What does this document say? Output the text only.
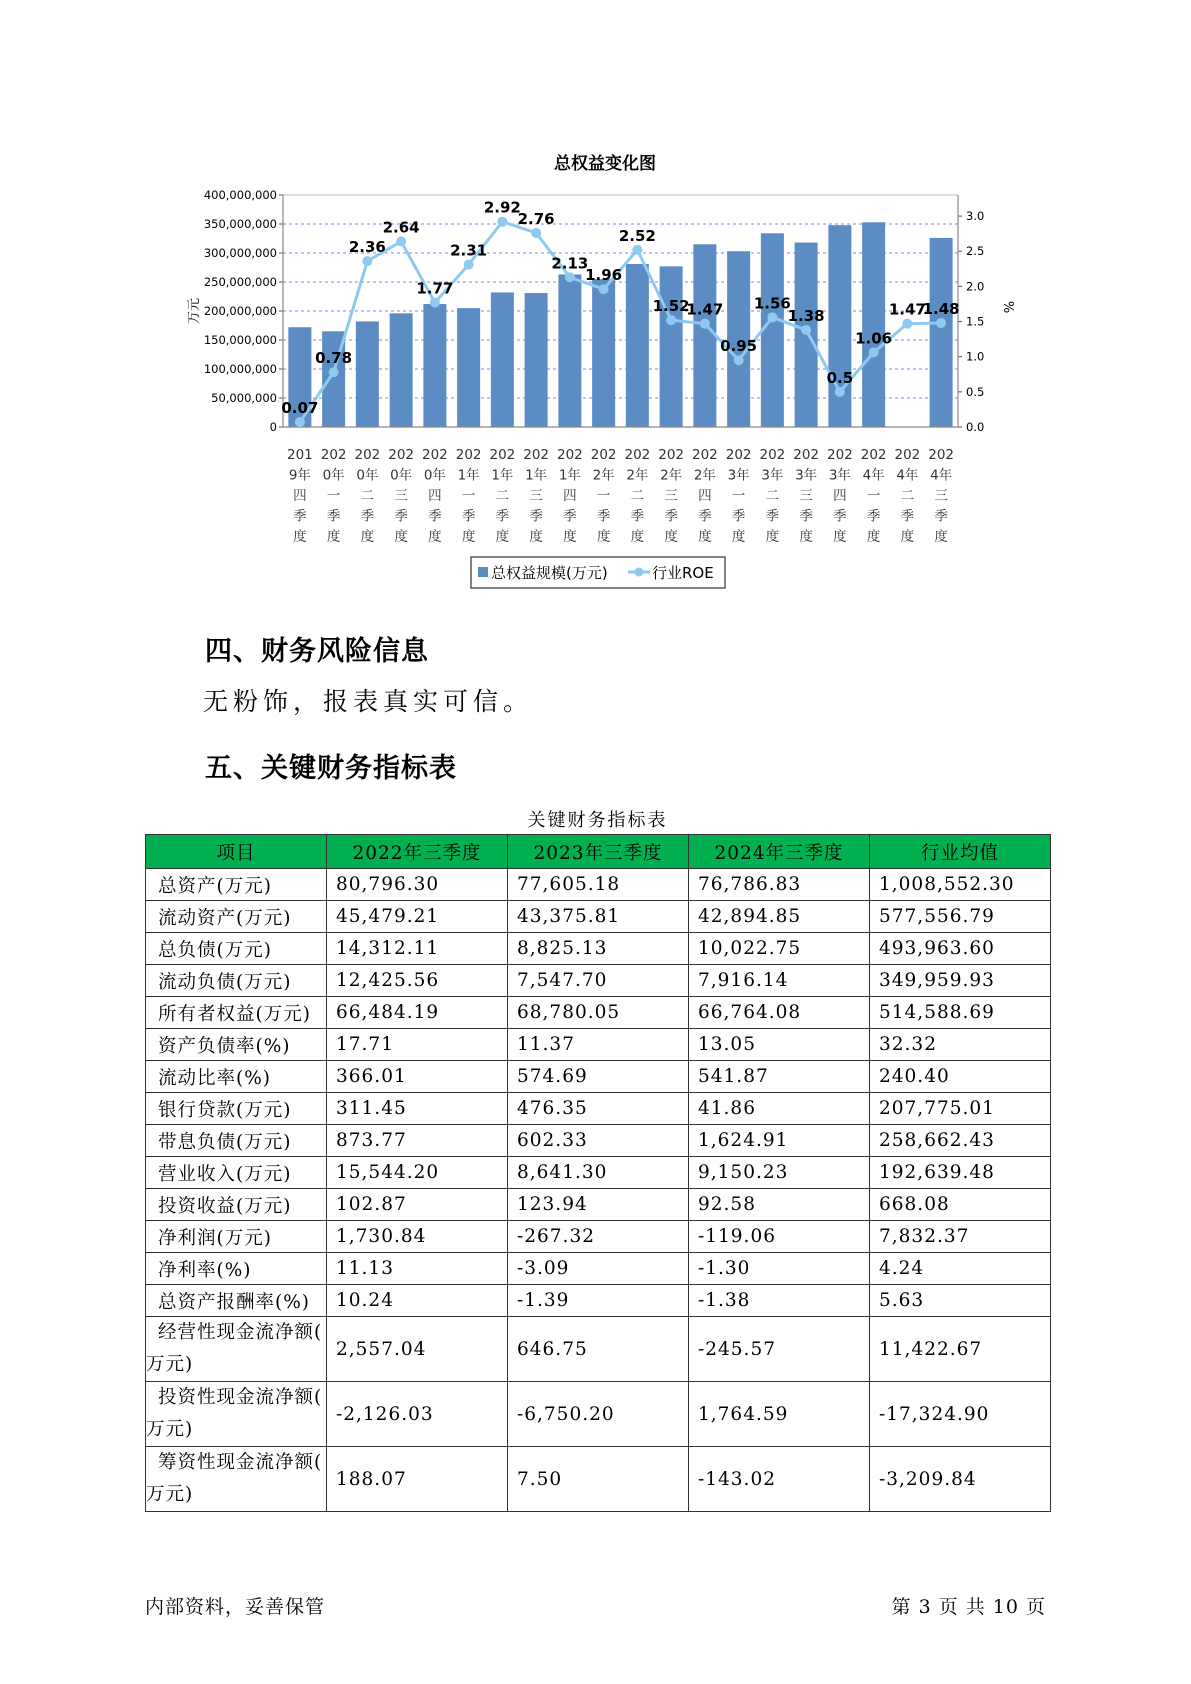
总权益变化图
400,000,000
350,000,000
300,000,000
250,000,000
200,000,000
150,000,000
100,000,000
50,000,000
0
3.0
2.5
2.0
1.5
1.0
0.5
0.0
万元	%
0.07
0.78
2.36
2.64
1.77
2.31
2.92
2.76
2.13
1.96
2.52
1.52
1.47
0.95
1.56
1.38
0.5
1.06
1.47
1.48
201
9年
四
季
度
202
0年
一
季
度
202
0年
二
季
度
202
0年
三
季
度
202
0年
四
季
度
202
1年
一
季
度
202
1年
二
季
度
202
1年
三
季
度
202
1年
四
季
度
202
2年
一
季
度
202
2年
二
季
度
202
2年
三
季
度
202
2年
四
季
度
202
3年
一
季
度
202
3年
二
季
度
202
3年
三
季
度
202
3年
四
季
度
202
4年
一
季
度
202
4年
二
季
度
202
4年
三
季
度
总权益规模(万元)	行业ROE
四、财务风险信息

无粉饰，报表真实可信。

五、关键财务指标表
关键财务指标表
项目	2022年三季度	2023年三季度	2024年三季度	行业均值
总资产(万元)	80,796.30	77,605.18	76,786.83	1,008,552.30
流动资产(万元)	45,479.21	43,375.81	42,894.85	577,556.79
总负债(万元)	14,312.11	8,825.13	10,022.75	493,963.60
流动负债(万元)	12,425.56	7,547.70	7,916.14	349,959.93
所有者权益(万元)	66,484.19	68,780.05	66,764.08	514,588.69
资产负债率(%)	17.71	11.37	13.05	32.32
流动比率(%)	366.01	574.69	541.87	240.40
银行贷款(万元)	311.45	476.35	41.86	207,775.01
带息负债(万元)	873.77	602.33	1,624.91	258,662.43
营业收入(万元)	15,544.20	8,641.30	9,150.23	192,639.48
投资收益(万元)	102.87	123.94	92.58	668.08
净利润(万元)	1,730.84	-267.32	-119.06	7,832.37
净利率(%)	11.13	-3.09	-1.30	4.24
总资产报酬率(%)	10.24	-1.39	-1.38	5.63
经营性现金流净额(
万元)	2,557.04	646.75	-245.57	11,422.67
投资性现金流净额(
万元)	-2,126.03	-6,750.20	1,764.59	-17,324.90
筹资性现金流净额(
万元)	188.07	7.50	-143.02	-3,209.84
内部资料，妥善保管	第 3 页 共 10 页
